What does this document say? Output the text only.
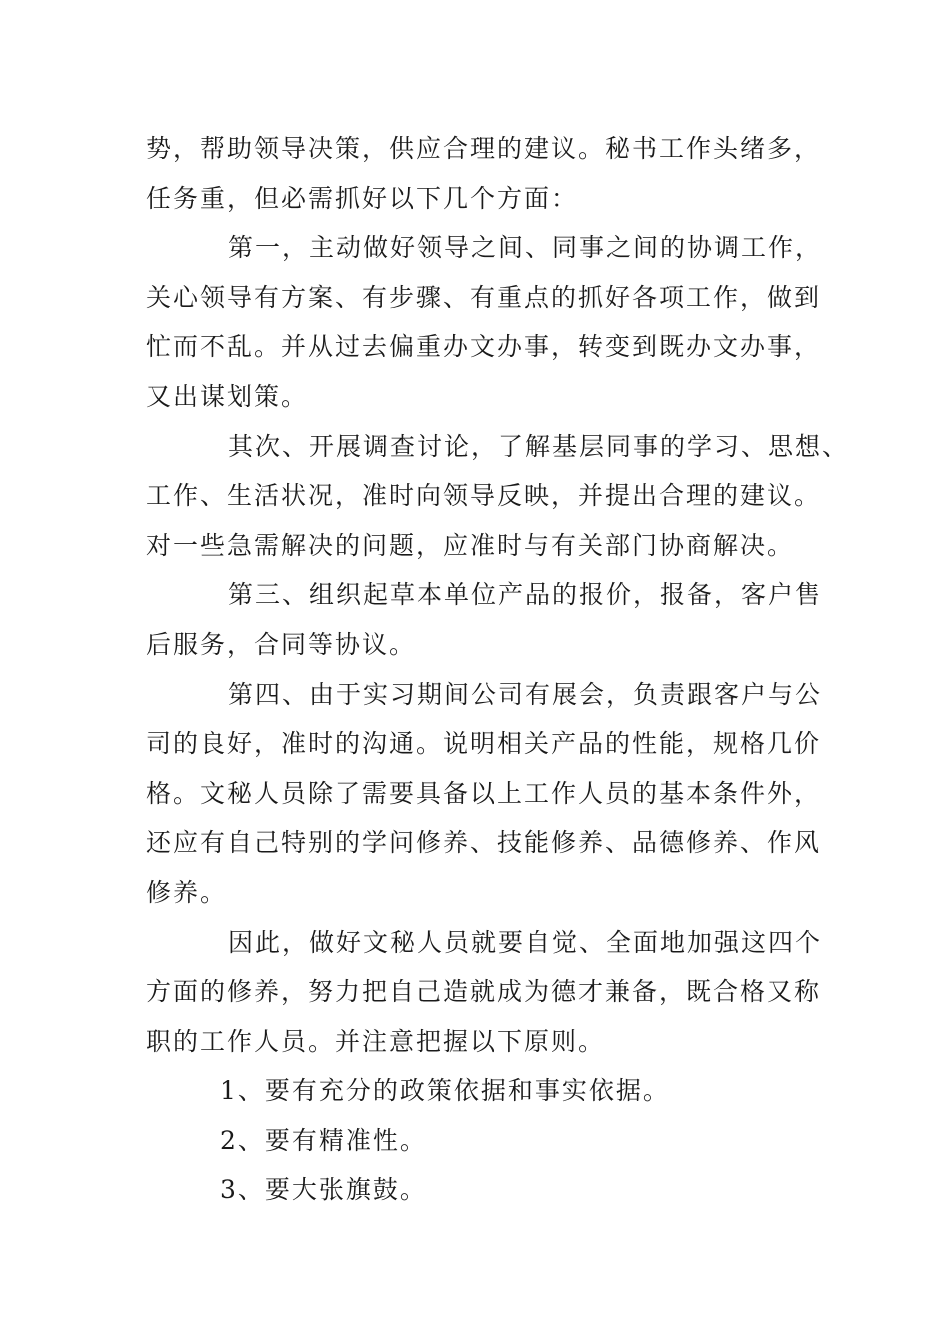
势，帮助领导决策，供应合理的建议。秘书工作头绪多，
任务重，但必需抓好以下几个方面：

第一，主动做好领导之间、同事之间的协调工作，
关心领导有方案、有步骤、有重点的抓好各项工作，做到
忙而不乱。并从过去偏重办文办事，转变到既办文办事，
又出谋划策。

其次、开展调查讨论，了解基层同事的学习、思想、
工作、生活状况，准时向领导反映，并提出合理的建议。
对一些急需解决的问题，应准时与有关部门协商解决。

第三、组织起草本单位产品的报价，报备，客户售
后服务，合同等协议。

第四、由于实习期间公司有展会，负责跟客户与公
司的良好，准时的沟通。说明相关产品的性能，规格几价
格。文秘人员除了需要具备以上工作人员的基本条件外，
还应有自己特别的学问修养、技能修养、品德修养、作风
修养。

因此，做好文秘人员就要自觉、全面地加强这四个
方面的修养，努力把自己造就成为德才兼备，既合格又称
职的工作人员。并注意把握以下原则。

1、要有充分的政策依据和事实依据。

2、要有精准性。

3、要大张旗鼓。
